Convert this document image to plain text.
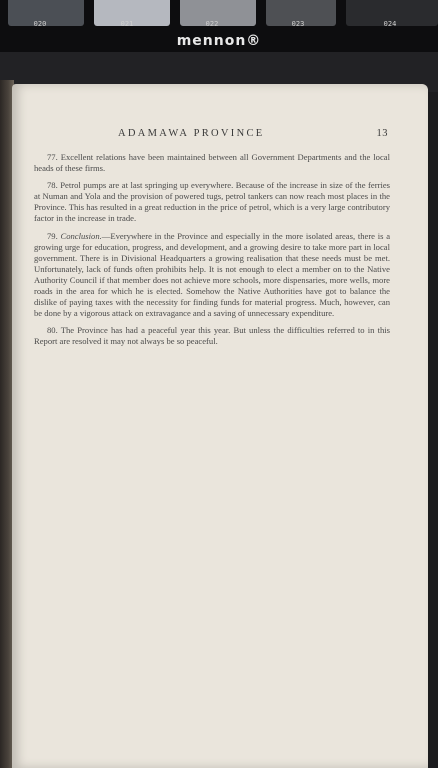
020	021	022	023	024
mennon®
ADAMAWA PROVINCE	13

77. Excellent relations have been maintained between all Government Departments and the local heads of these firms.

78. Petrol pumps are at last springing up everywhere. Because of the increase in size of the ferries at Numan and Yola and the provision of powered tugs, petrol tankers can now reach most places in the Province. This has resulted in a great reduction in the price of petrol, which is a very large contributory factor in the increase in trade.

79. Conclusion.—Everywhere in the Province and especially in the more isolated areas, there is a growing urge for education, progress, and development, and a growing desire to take more part in local government. There is in Divisional Headquarters a growing realisation that these needs must be met. Unfortunately, lack of funds often prohibits help. It is not enough to elect a member on to the Native Authority Council if that member does not achieve more schools, more dispensaries, more wells, more roads in the area for which he is elected. Somehow the Native Authorities have got to balance the dislike of paying taxes with the necessity for finding funds for material progress. Much, however, can be done by a vigorous attack on extravagance and a saving of unnecessary expenditure.

80. The Province has had a peaceful year this year. But unless the difficulties referred to in this Report are resolved it may not always be so peaceful.
